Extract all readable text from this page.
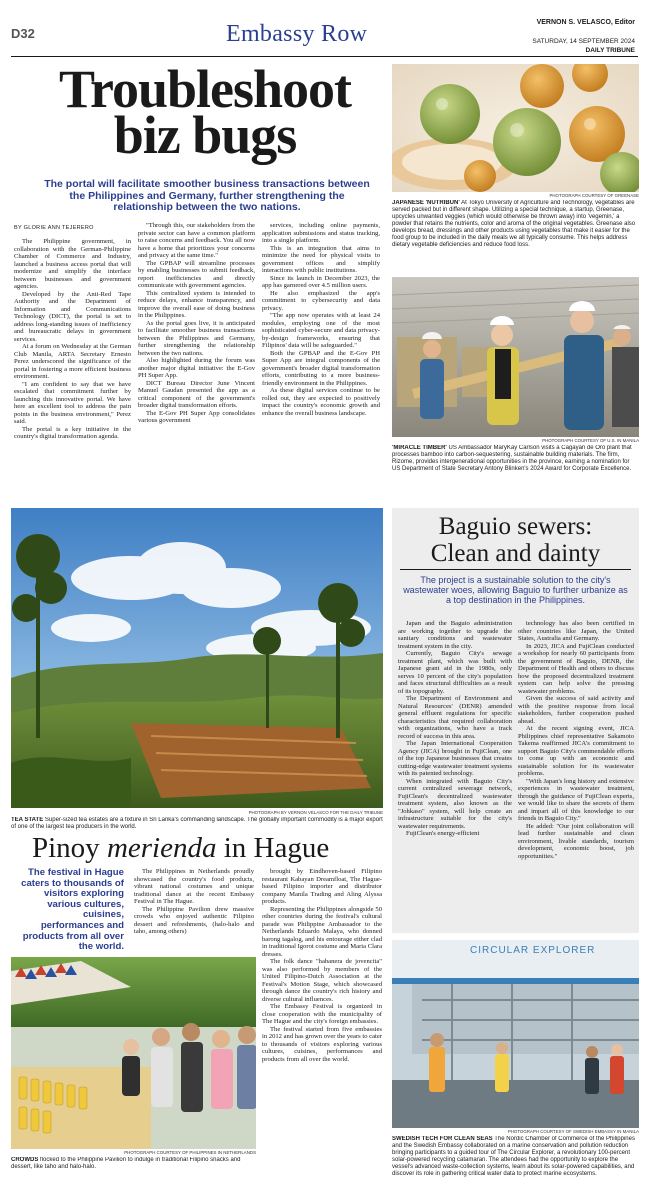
D32	Embassy Row	VERNON S. VELASCO, Editor
SATURDAY, 14 SEPTEMBER 2024
DAILY TRIBUNE
Troubleshoot
biz bugs
The portal will facilitate smoother business transactions between the Philippines and Germany, further strengthening the relationship between the two nations.
BY GLORIE ANN TEJERERO

The Philippine government, in collaboration with the German-Philippine Chamber of Commerce and Industry, launched a business access portal that will modernize and simplify the interface between businesses and government agencies.

Developed by the Anti-Red Tape Authority and the Department of Information and Communications Technology (DICT), the portal is set to address long-standing issues of inefficiency and bureaucratic delays in government services.

At a forum on Wednesday at the German Club Manila, ARTA Secretary Ernesto Perez underscored the significance of the portal in fostering a more efficient business environment.

"I am confident to say that we have escalated that commitment further by launching this innovative portal. We have here an excellent tool to address the pain points in the business environment," Perez said.

The portal is a key initiative in the country's digital transformation agenda.

"Through this, our stakeholders from the private sector can have a common platform to raise concerns and feedback. You all now have a home that prioritizes your concerns and privacy at the same time."

The GPBAP will streamline processes by enabling businesses to submit feedback, report inefficiencies and directly communicate with government agencies.

This centralized system is intended to reduce delays, enhance transparency, and improve the overall ease of doing business in the Philippines.

As the portal goes live, it is anticipated to facilitate smoother business transactions between the Philippines and Germany, further strengthening the relationship between the two nations.

Also highlighted during the forum was another major digital initiative: the E-Gov PH Super App.

DICT Bureau Director June Vincent Manuel Gaudan presented the app as a critical component of the government's broader digital transformation efforts.

The E-Gov PH Super App consolidates various government

services, including online payments, application submissions and status tracking, into a single platform.

This is an integration that aims to minimize the need for physical visits to government offices and simplify interactions with public institutions.

Since its launch in December 2023, the app has garnered over 4.5 million users.

He also emphasized the app's commitment to cybersecurity and data privacy.

"The app now operates with at least 24 modules, employing one of the most sophisticated cyber-secure and data privacy-by-design frameworks, ensuring that Filipinos' data will be safeguarded."

Both the GPBAP and the E-Gov PH Super App are integral components of the government's broader digital transformation efforts, contributing to a more business-friendly environment in the Philippines.

As these digital services continue to be rolled out, they are expected to positively impact the country's economic growth and enhance the overall business landscape.

PHOTOGRAPH COURTESY OF GREENASE
JAPANESE 'NUTRIBUN' At Tokyo University of Agriculture and Technology, vegetables are served packed but in different shape. Utilizing a special technique, a startup, Greenase, upcycles unwanted veggies (which would otherwise be thrown away) into 'vegemin,' a powder that retains the nutrients, color and aroma of the original vegetables. Greenase also develops bread, dressings and other products using vegetables that make it easier for the food group to be included in the daily meals we all typically consume. This helps address dietary vegetable deficiencies and reduce food loss.
PHOTOGRAPH COURTESY OF U.S. IN MANILA
'MIRACLE TIMBER' US Ambassador MaryKay Carlson visits a Cagayan de Oro plant that processes bamboo into carbon-sequestering, sustainable building materials. The firm, Rizome, provides intergenerational opportunities in the province, earning a nomination for US Department of State Secretary Antony Blinken's 2024 Award for Corporate Excellence.
PHOTOGRAPH BY VERNON VELASCO FOR THE DAILY TRIBUNE
TEA STATE Super-sized tea estates are a fixture in Sri Lanka's commanding landscape. The globally important commodity is a major export of one of the largest tea producers in the world.
Baguio sewers:
Clean and dainty
The project is a sustainable solution to the city's wastewater woes, allowing Baguio to further urbanize as a top destination in the Philippines.

Japan and the Baguio administration are working together to upgrade the sanitary conditions and wastewater treatment system in the city.

Currently, Baguio City's sewage treatment plant, which was built with Japanese grant aid in the 1980s, only serves 10 percent of the city's population and faces structural difficulties as a result of its topography.

The Department of Environment and Natural Resources' (DENR) amended general effluent regulations for specific characteristics that required collaboration with organizations, who have a track record of success in this area.

The Japan International Cooperation Agency (JICA) brought in FujiClean, one of the top Japanese businesses that creates cutting-edge wastewater treatment systems with its patented technology.

When integrated with Baguio City's current centralized sewerage network, FujiClean's decentralized wastewater treatment system, also known as the "Johkaso" system, will help create an infrastructure suitable for the city's wastewater requirements.

FujiClean's energy-efficient

technology has also been certified in other countries like Japan, the United States, Australia and Germany.

In 2023, JICA and FujiClean conducted a workshop for nearly 60 participants from the government of Baguio, DENR, the Department of Health and others to discuss how the proposed decentralized treatment system can help solve the pressing wastewater problems.

Given the success of said activity and with the positive response from local stakeholders, further cooperation pushed ahead.

At the recent signing event, JICA Philippines chief representative Sakamoto Takema reaffirmed JICA's commitment to support Baguio City's commendable efforts to come up with an economic and sustainable solution for its wastewater problems.

"With Japan's long history and extensive experiences in wastewater treatment, through the guidance of FujiClean experts, we would like to share the secrets of them and impart all of this knowledge to our friends in Baguio City."

He added: "Our joint collaboration will lead further sustainable and clean environment, livable standards, tourism development, economic boost, job opportunities."

Pinoy merienda in Hague
The festival in Hague caters to thousands of visitors exploring various cultures, cuisines, performances and products from all over the world.

The Philippines in Netherlands proudly showcased the country's food products, vibrant national costumes and unique traditional dance at the recent Embassy Festival in The Hague.

The Philippine Pavilion drew massive crowds who enjoyed authentic Filipino dessert and refreshments, (halo-halo and taho, among others)

brought by Eindhoven-based Filipino restaurant Kabayan Dreamfloat, The Hague-based Filipino importer and distributor company Manila Trading and Aling Alyssa products.

Representing the Philippines alongside 50 other countries during the festival's cultural parade was Philippine Ambassador to the Netherlands Eduardo Malaya, who donned barong tagalog, and his entourage either clad in traditional Igorot costume and Maria Clara dresses.

The folk dance "habanera de jovencita" was also performed by members of the United Filipino-Dutch Association at the Festival's Motion Stage, which showcased through dance the country's rich history and diverse cultural influences.

The Embassy Festival is organized in close cooperation with the municipality of The Hague and the city's foreign embassies.

The festival started from five embassies in 2012 and has grown over the years to cater to thousands of visitors exploring various cultures, cuisines, performances and products from all over the world.

PHOTOGRAPH COURTESY OF PHILIPPINES IN NETHERLANDS
CROWDS flocked to the Philippine Pavilion to indulge in traditional Filipino snacks and dessert, like taho and halo-halo.
CIRCULAR EXPLORER
PHOTOGRAPH COURTESY OF SWEDISH EMBASSY IN MANILA
SWEDISH TECH FOR CLEAN SEAS The Nordic Chamber of Commerce of the Philippines and the Swedish Embassy collaborated on a marine conservation and pollution reduction bringing participants to a guided tour of The Circular Explorer, a revolutionary 100-percent solar-powered recycling catamaran. The attendees had the opportunity to explore the vessel's advanced waste-collection systems, learn about its solar-powered capabilities, and discover its role in gathering critical water data to protect marine ecosystems.
